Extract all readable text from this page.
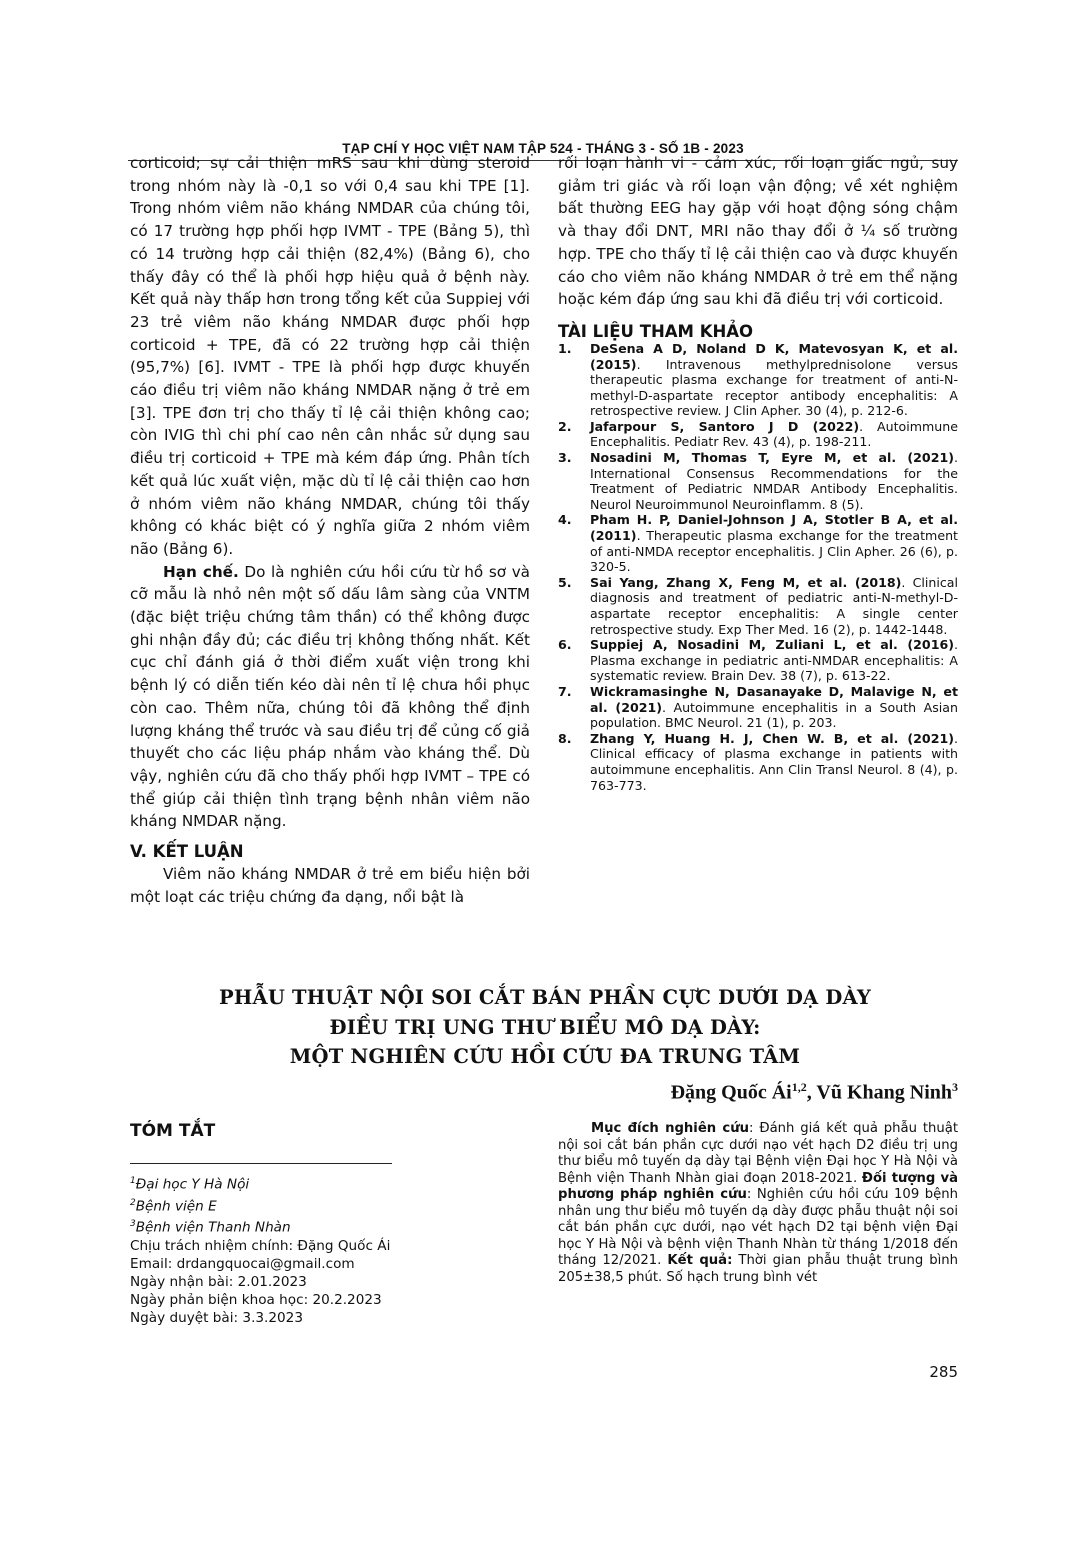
TẠP CHÍ Y HỌC VIỆT NAM TẬP 524 - THÁNG 3 - SỐ 1B - 2023

corticoid; sự cải thiện mRS sau khi dùng steroid trong nhóm này là -0,1 so với 0,4 sau khi TPE [1]. Trong nhóm viêm não kháng NMDAR của chúng tôi, có 17 trường hợp phối hợp IVMT - TPE (Bảng 5), thì có 14 trường hợp cải thiện (82,4%) (Bảng 6), cho thấy đây có thể là phối hợp hiệu quả ở bệnh này. Kết quả này thấp hơn trong tổng kết của Suppiej với 23 trẻ viêm não kháng NMDAR được phối hợp corticoid + TPE, đã có 22 trường hợp cải thiện (95,7%) [6]. IVMT - TPE là phối hợp được khuyến cáo điều trị viêm não kháng NMDAR nặng ở trẻ em [3]. TPE đơn trị cho thấy tỉ lệ cải thiện không cao; còn IVIG thì chi phí cao nên cân nhắc sử dụng sau điều trị corticoid + TPE mà kém đáp ứng. Phân tích kết quả lúc xuất viện, mặc dù tỉ lệ cải thiện cao hơn ở nhóm viêm não kháng NMDAR, chúng tôi thấy không có khác biệt có ý nghĩa giữa 2 nhóm viêm não (Bảng 6).

Hạn chế. Do là nghiên cứu hồi cứu từ hồ sơ và cỡ mẫu là nhỏ nên một số dấu lâm sàng của VNTM (đặc biệt triệu chứng tâm thần) có thể không được ghi nhận đầy đủ; các điều trị không thống nhất. Kết cục chỉ đánh giá ở thời điểm xuất viện trong khi bệnh lý có diễn tiến kéo dài nên tỉ lệ chưa hồi phục còn cao. Thêm nữa, chúng tôi đã không thể định lượng kháng thể trước và sau điều trị để củng cố giả thuyết cho các liệu pháp nhắm vào kháng thể. Dù vậy, nghiên cứu đã cho thấy phối hợp IVMT – TPE có thể giúp cải thiện tình trạng bệnh nhân viêm não kháng NMDAR nặng.

V. KẾT LUẬN

Viêm não kháng NMDAR ở trẻ em biểu hiện bởi một loạt các triệu chứng đa dạng, nổi bật là

rối loạn hành vi - cảm xúc, rối loạn giấc ngủ, suy giảm tri giác và rối loạn vận động; về xét nghiệm bất thường EEG hay gặp với hoạt động sóng chậm và thay đổi DNT, MRI não thay đổi ở ¼ số trường hợp. TPE cho thấy tỉ lệ cải thiện cao và được khuyến cáo cho viêm não kháng NMDAR ở trẻ em thể nặng hoặc kém đáp ứng sau khi đã điều trị với corticoid.

TÀI LIỆU THAM KHẢO
1. DeSena A D, Noland D K, Matevosyan K, et al. (2015). Intravenous methylprednisolone versus therapeutic plasma exchange for treatment of anti-N-methyl-D-aspartate receptor antibody encephalitis: A retrospective review. J Clin Apher. 30 (4), p. 212-6.
2. Jafarpour S, Santoro J D (2022). Autoimmune Encephalitis. Pediatr Rev. 43 (4), p. 198-211.
3. Nosadini M, Thomas T, Eyre M, et al. (2021). International Consensus Recommendations for the Treatment of Pediatric NMDAR Antibody Encephalitis. Neurol Neuroimmunol Neuroinflamm. 8 (5).
4. Pham H. P, Daniel-Johnson J A, Stotler B A, et al. (2011). Therapeutic plasma exchange for the treatment of anti-NMDA receptor encephalitis. J Clin Apher. 26 (6), p. 320-5.
5. Sai Yang, Zhang X, Feng M, et al. (2018). Clinical diagnosis and treatment of pediatric anti-N-methyl-D-aspartate receptor encephalitis: A single center retrospective study. Exp Ther Med. 16 (2), p. 1442-1448.
6. Suppiej A, Nosadini M, Zuliani L, et al. (2016). Plasma exchange in pediatric anti-NMDAR encephalitis: A systematic review. Brain Dev. 38 (7), p. 613-22.
7. Wickramasinghe N, Dasanayake D, Malavige N, et al. (2021). Autoimmune encephalitis in a South Asian population. BMC Neurol. 21 (1), p. 203.
8. Zhang Y, Huang H. J, Chen W. B, et al. (2021). Clinical efficacy of plasma exchange in patients with autoimmune encephalitis. Ann Clin Transl Neurol. 8 (4), p. 763-773.
PHẪU THUẬT NỘI SOI CẮT BÁN PHẦN CỰC DƯỚI DẠ DÀY
ĐIỀU TRỊ UNG THƯ BIỂU MÔ DẠ DÀY:
MỘT NGHIÊN CỨU HỒI CỨU ĐA TRUNG TÂM
Đặng Quốc Ái$^{1,2}$, Vũ Khang Ninh$^3$
TÓM TẮT
$^1$Đại học Y Hà Nội
$^2$Bệnh viện E
$^3$Bệnh viện Thanh Nhàn
Chịu trách nhiệm chính: Đặng Quốc Ái
Email: drdangquocai@gmail.com
Ngày nhận bài: 2.01.2023
Ngày phản biện khoa học: 20.2.2023
Ngày duyệt bài: 3.3.2023

Mục đích nghiên cứu: Đánh giá kết quả phẫu thuật nội soi cắt bán phần cực dưới nạo vét hạch D2 điều trị ung thư biểu mô tuyến dạ dày tại Bệnh viện Đại học Y Hà Nội và Bệnh viện Thanh Nhàn giai đoạn 2018-2021. Đối tượng và phương pháp nghiên cứu: Nghiên cứu hồi cứu 109 bệnh nhân ung thư biểu mô tuyến dạ dày được phẫu thuật nội soi cắt bán phần cực dưới, nạo vét hạch D2 tại bệnh viện Đại học Y Hà Nội và bệnh viện Thanh Nhàn từ tháng 1/2018 đến tháng 12/2021. Kết quả: Thời gian phẫu thuật trung bình 205±38,5 phút. Số hạch trung bình vét

285
